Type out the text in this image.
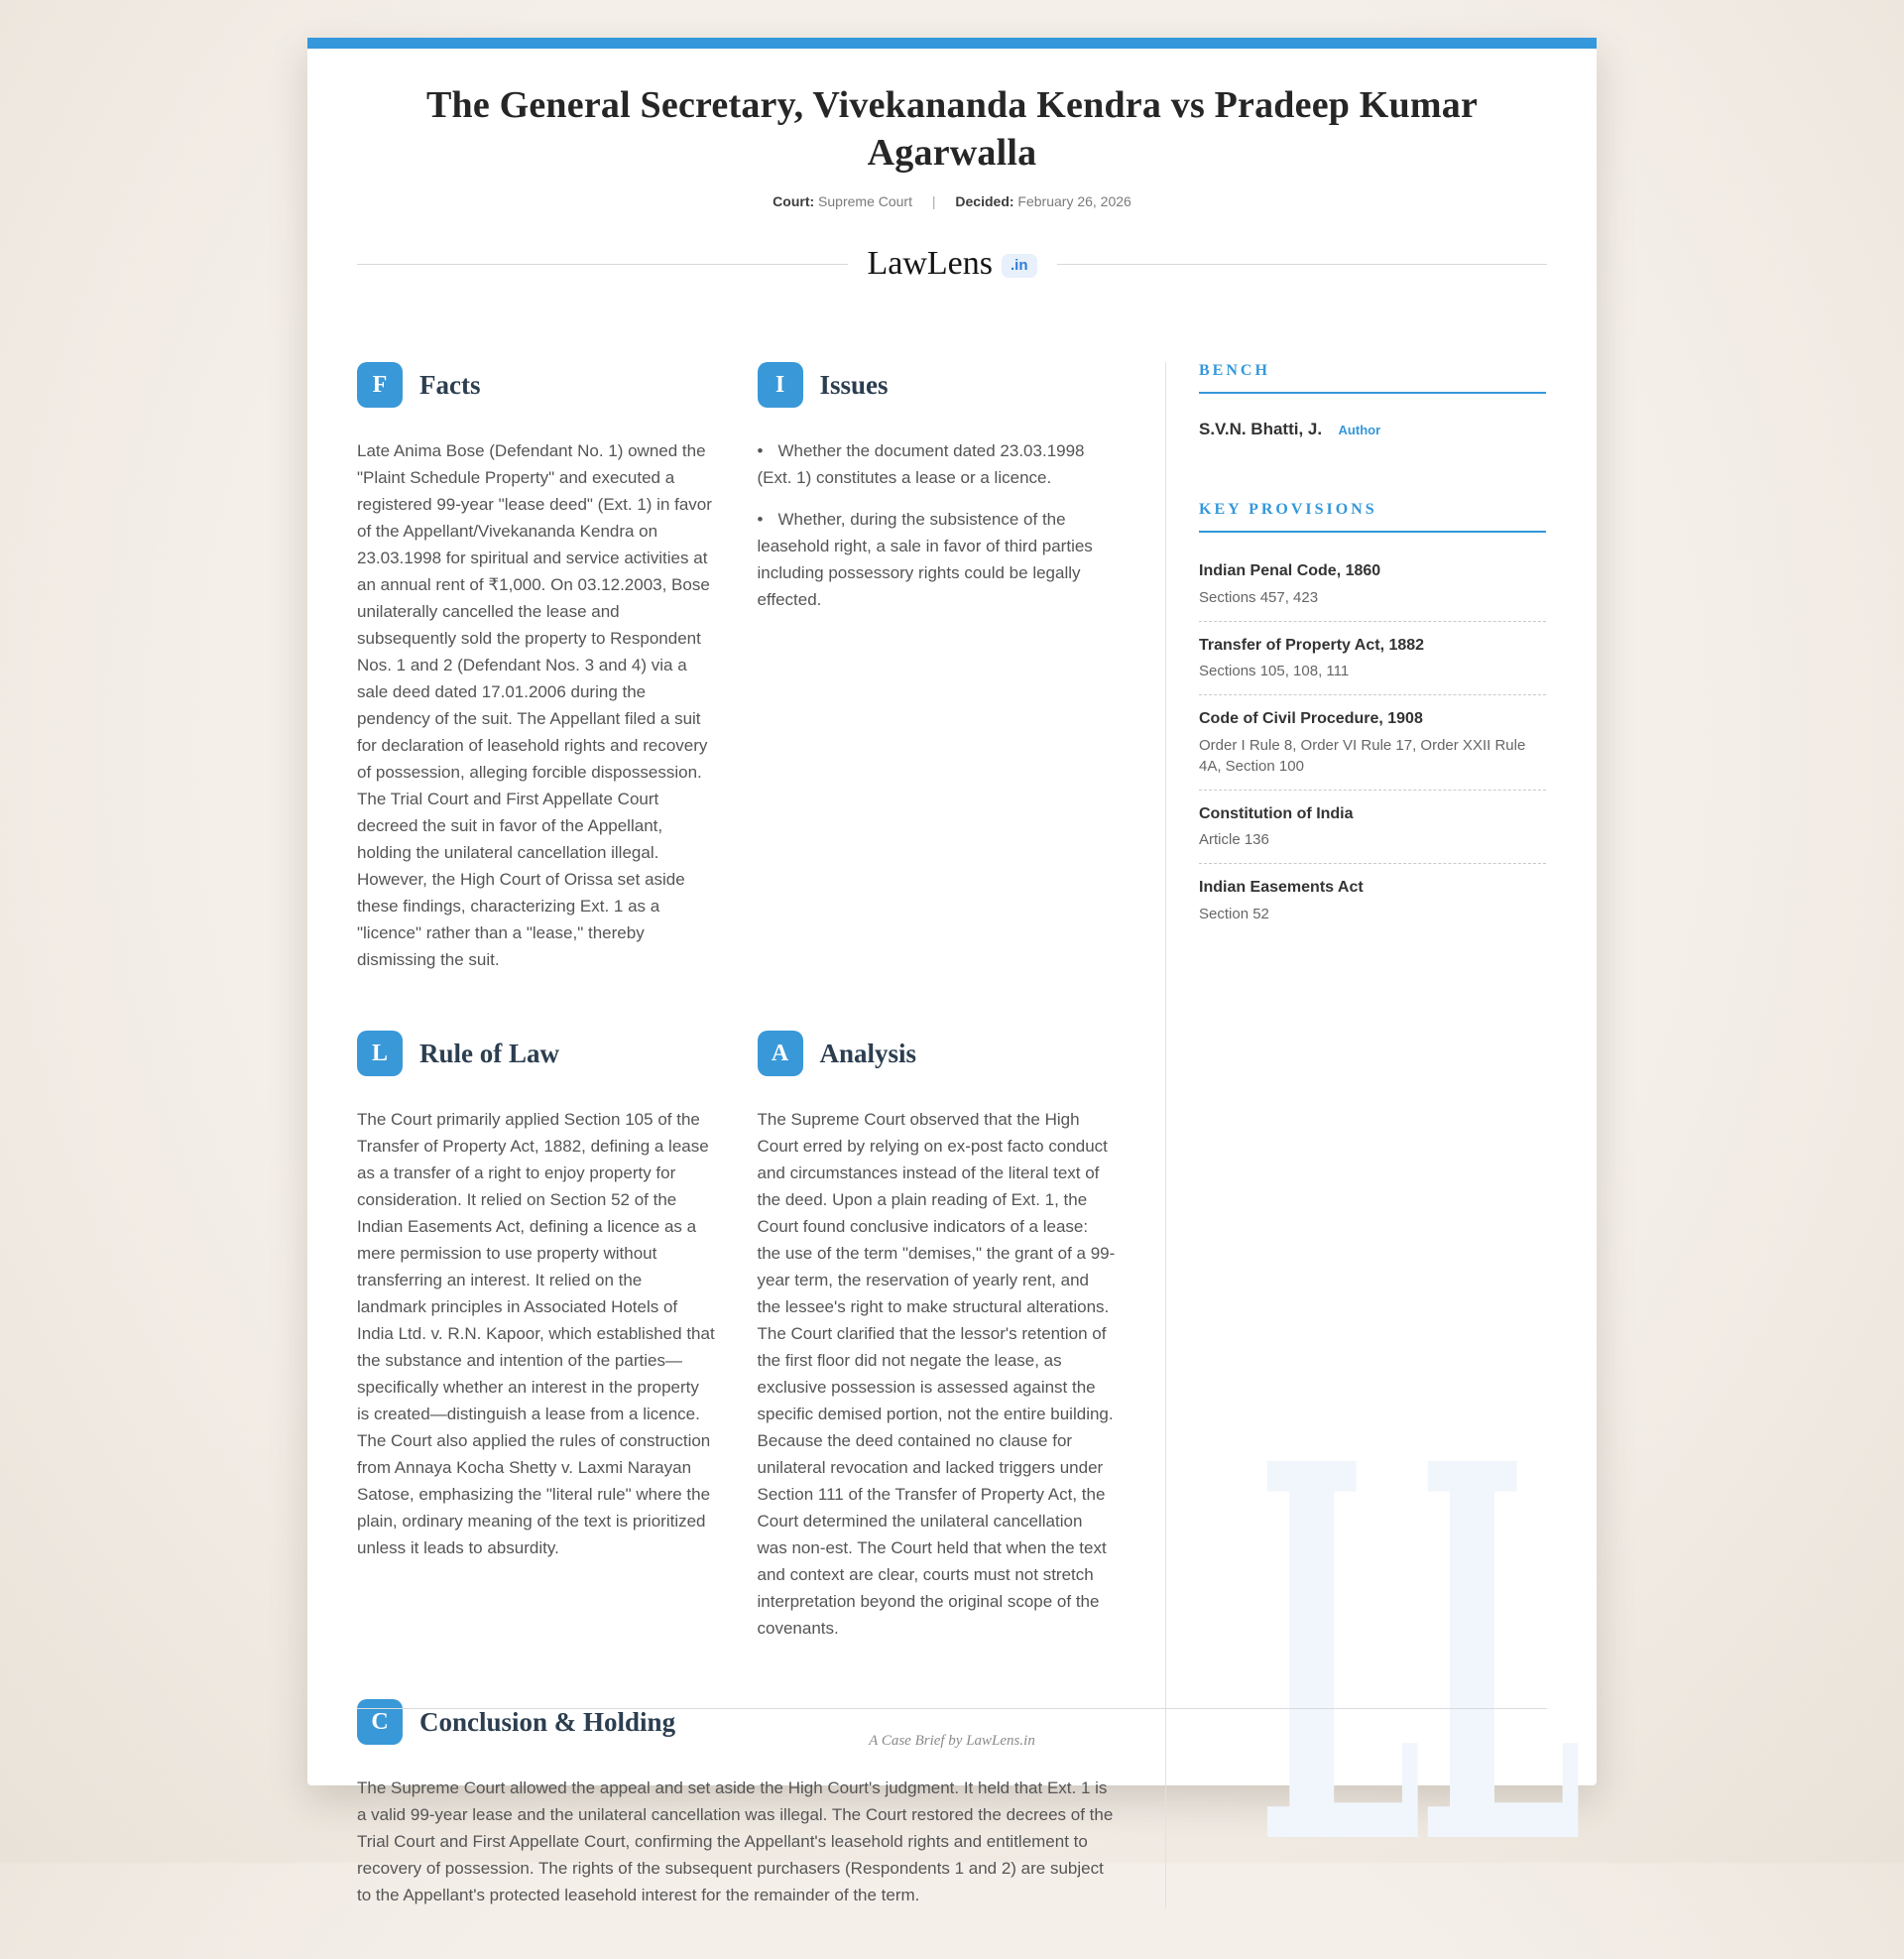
The General Secretary, Vivekananda Kendra vs Pradeep Kumar Agarwalla
Court: Supreme Court | Decided: February 26, 2026
LawLens	.in
F	Facts

Late Anima Bose (Defendant No. 1) owned the "Plaint Schedule Property" and executed a registered 99-year "lease deed" (Ext. 1) in favor of the Appellant/Vivekananda Kendra on 23.03.1998 for spiritual and service activities at an annual rent of ₹1,000. On 03.12.2003, Bose unilaterally cancelled the lease and subsequently sold the property to Respondent Nos. 1 and 2 (Defendant Nos. 3 and 4) via a sale deed dated 17.01.2006 during the pendency of the suit. The Appellant filed a suit for declaration of leasehold rights and recovery of possession, alleging forcible dispossession. The Trial Court and First Appellate Court decreed the suit in favor of the Appellant, holding the unilateral cancellation illegal. However, the High Court of Orissa set aside these findings, characterizing Ext. 1 as a "licence" rather than a "lease," thereby dismissing the suit.

I	Issues
• Whether the document dated 23.03.1998 (Ext. 1) constitutes a lease or a licence.
• Whether, during the subsistence of the leasehold right, a sale in favor of third parties including possessory rights could be legally effected.
L	Rule of Law

The Court primarily applied Section 105 of the Transfer of Property Act, 1882, defining a lease as a transfer of a right to enjoy property for consideration. It relied on Section 52 of the Indian Easements Act, defining a licence as a mere permission to use property without transferring an interest. It relied on the landmark principles in Associated Hotels of India Ltd. v. R.N. Kapoor, which established that the substance and intention of the parties—specifically whether an interest in the property is created—distinguish a lease from a licence. The Court also applied the rules of construction from Annaya Kocha Shetty v. Laxmi Narayan Satose, emphasizing the "literal rule" where the plain, ordinary meaning of the text is prioritized unless it leads to absurdity.

A	Analysis

The Supreme Court observed that the High Court erred by relying on ex-post facto conduct and circumstances instead of the literal text of the deed. Upon a plain reading of Ext. 1, the Court found conclusive indicators of a lease: the use of the term "demises," the grant of a 99-year term, the reservation of yearly rent, and the lessee's right to make structural alterations. The Court clarified that the lessor's retention of the first floor did not negate the lease, as exclusive possession is assessed against the specific demised portion, not the entire building. Because the deed contained no clause for unilateral revocation and lacked triggers under Section 111 of the Transfer of Property Act, the Court determined the unilateral cancellation was non-est. The Court held that when the text and context are clear, courts must not stretch interpretation beyond the original scope of the covenants.

C	Conclusion & Holding

The Supreme Court allowed the appeal and set aside the High Court's judgment. It held that Ext. 1 is a valid 99-year lease and the unilateral cancellation was illegal. The Court restored the decrees of the Trial Court and First Appellate Court, confirming the Appellant's leasehold rights and entitlement to recovery of possession. The rights of the subsequent purchasers (Respondents 1 and 2) are subject to the Appellant's protected leasehold interest for the remainder of the term.

BENCH
S.V.N. Bhatti, J. Author
KEY PROVISIONS
Indian Penal Code, 1860
Sections 457, 423
Transfer of Property Act, 1882
Sections 105, 108, 111
Code of Civil Procedure, 1908
Order I Rule 8, Order VI Rule 17, Order XXII Rule 4A, Section 100
Constitution of India
Article 136
Indian Easements Act
Section 52

A Case Brief by LawLens.in LL
